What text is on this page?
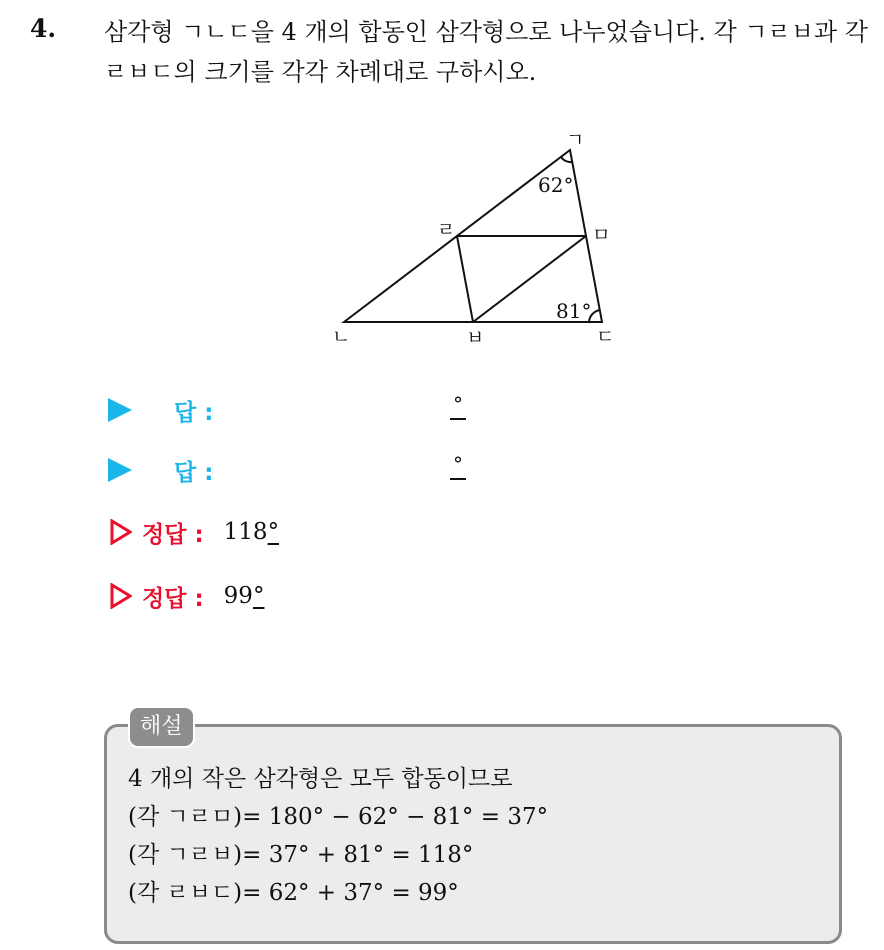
4. 삼각형 ㄱㄴㄷ을 4 개의 합동인 삼각형으로 나누었습니다. 각 ㄱㄹㅂ과 각 ㄹㅂㄷ의 크기를 각각 차례대로 구하시오.
ㄱ
ㄴ	ㄷ
ㄹ	ㅁ
ㅂ
62°
81°
답 :	°
답 :	°
정답 : 118°
정답 : 99°
해설
4 개의 작은 삼각형은 모두 합동이므로
(각 ㄱㄹㅁ)= 180° − 62° − 81° = 37°
(각 ㄱㄹㅂ)= 37° + 81° = 118°
(각 ㄹㅂㄷ)= 62° + 37° = 99°
